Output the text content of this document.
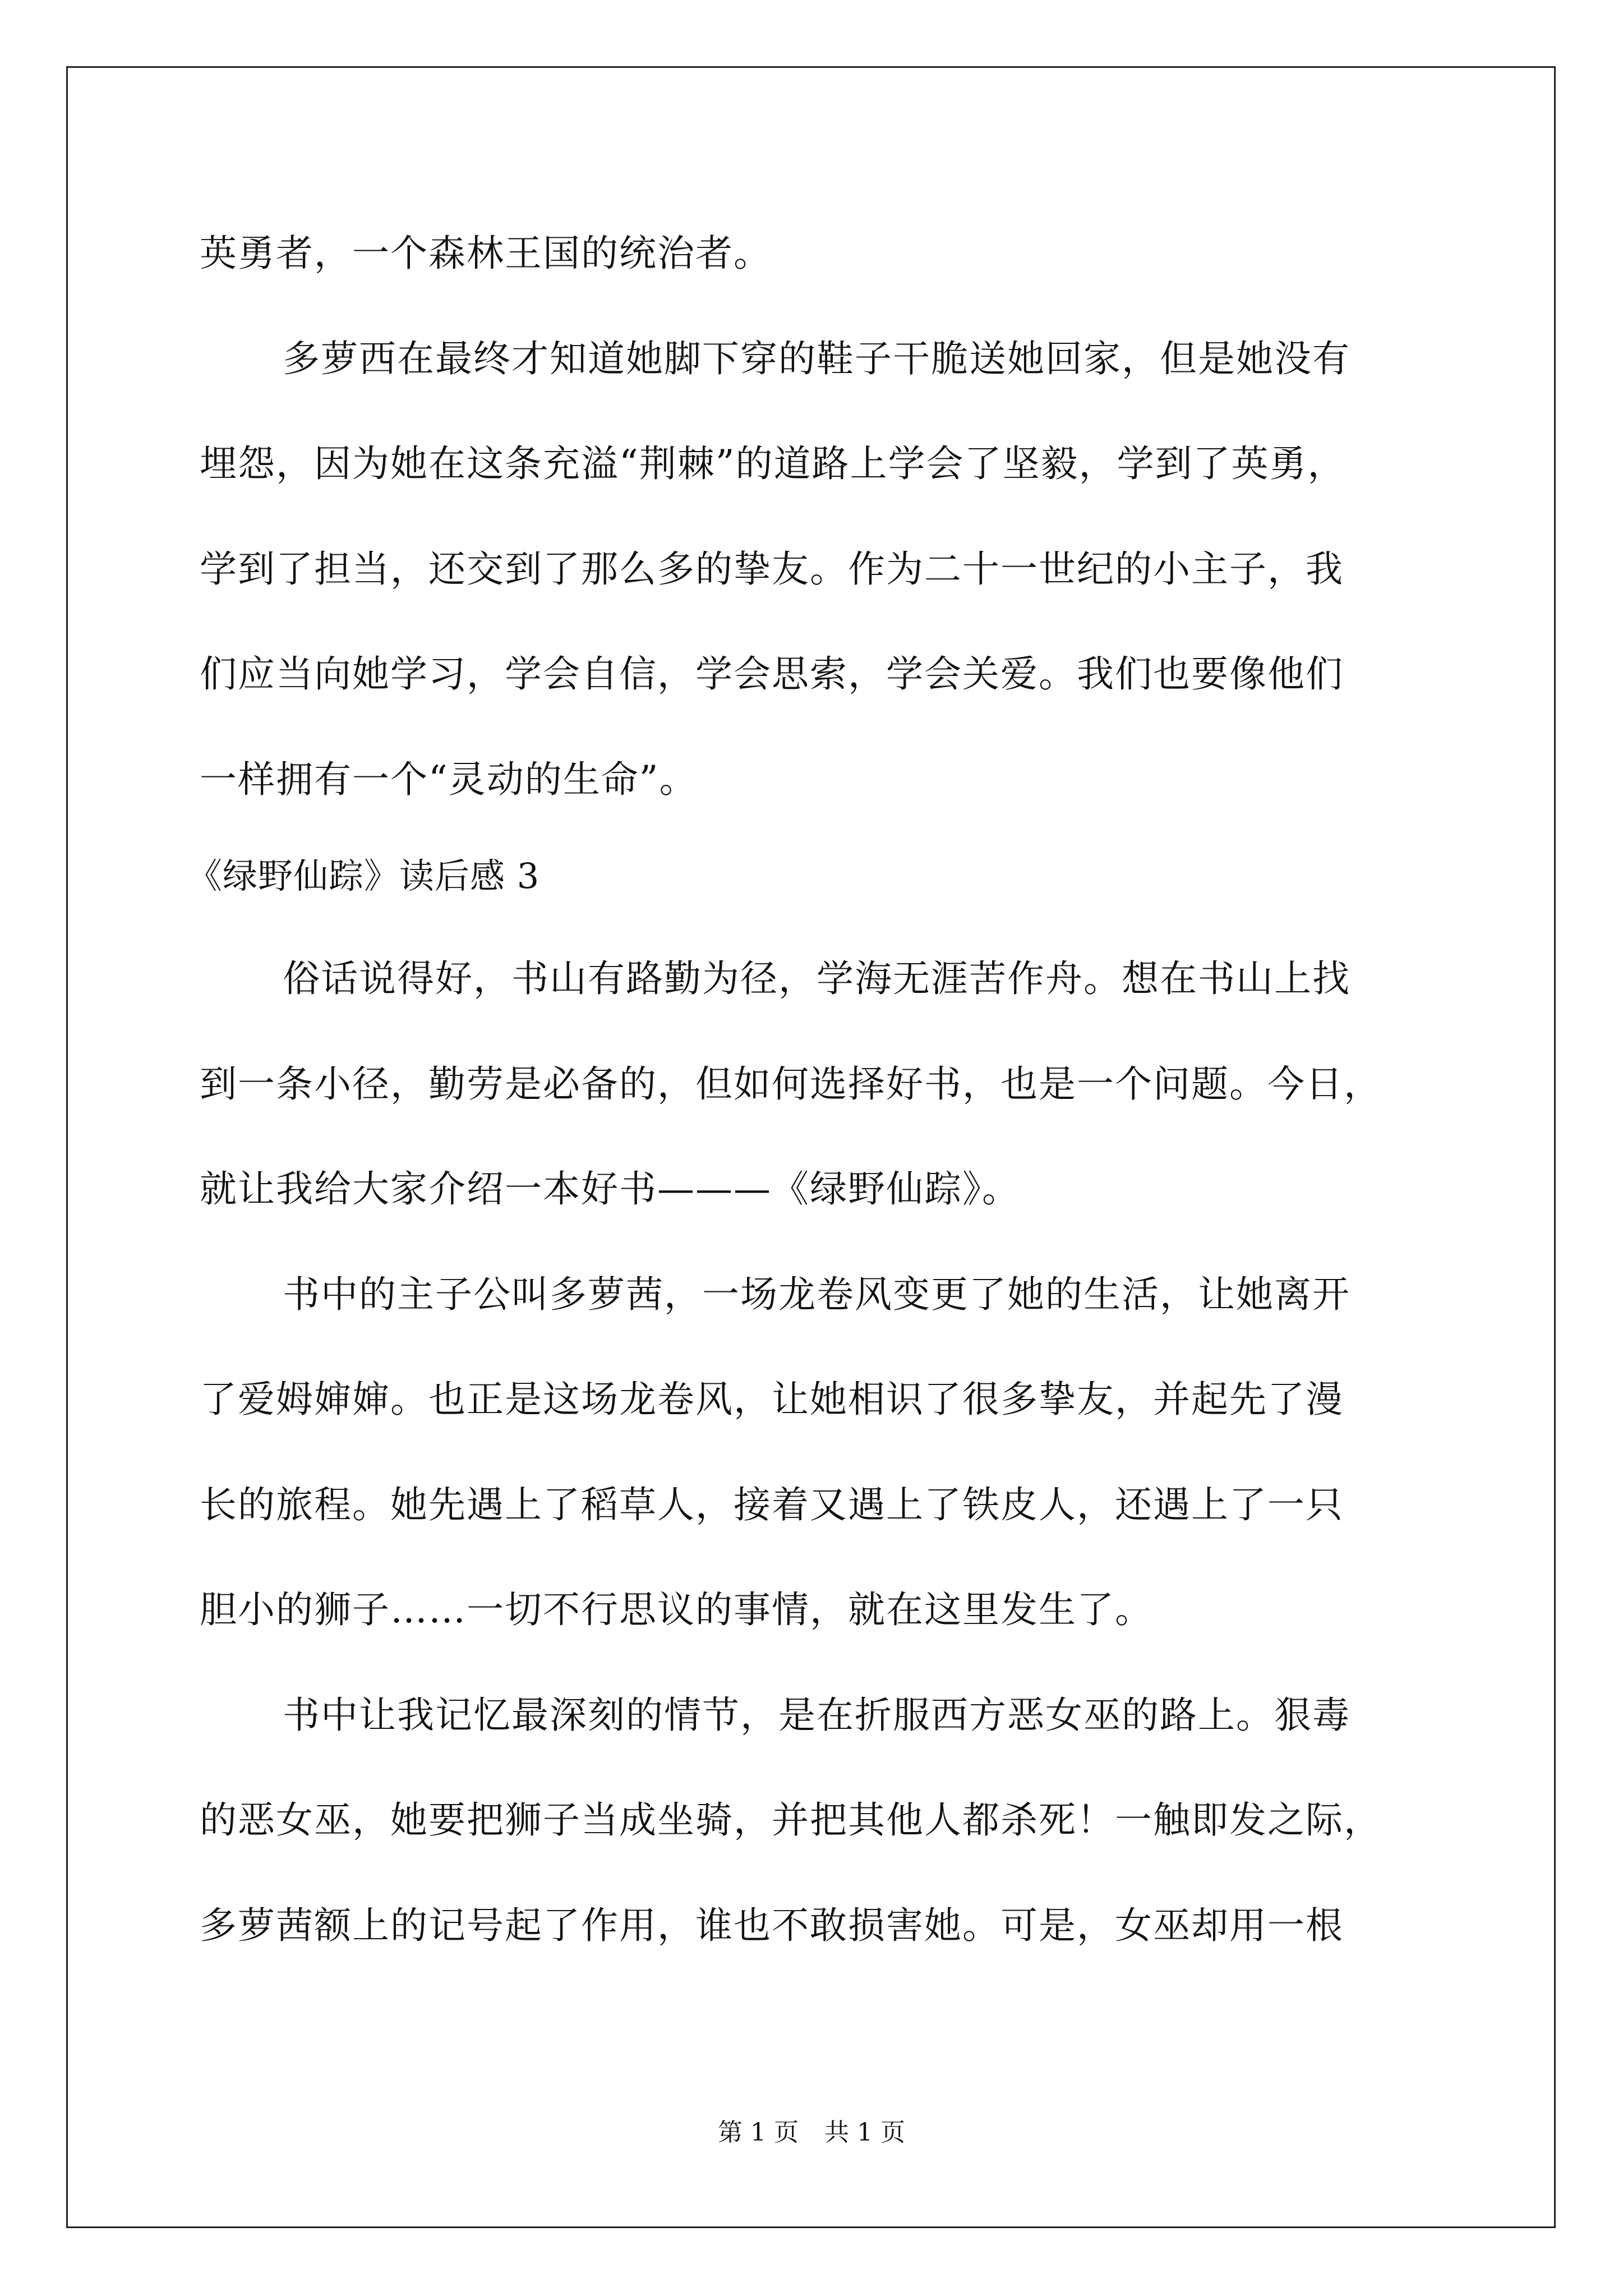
英勇者，一个森林王国的统治者。
多萝西在最终才知道她脚下穿的鞋子干脆送她回家，但是她没有
埋怨，因为她在这条充溢“荆棘”的道路上学会了坚毅，学到了英勇，
学到了担当，还交到了那么多的挚友。作为二十一世纪的小主子，我
们应当向她学习，学会自信，学会思索，学会关爱。我们也要像他们
一样拥有一个“灵动的生命”。
《绿野仙踪》读后感 3
俗话说得好，书山有路勤为径，学海无涯苦作舟。想在书山上找
到一条小径，勤劳是必备的，但如何选择好书，也是一个问题。今日，
就让我给大家介绍一本好书———《绿野仙踪》。
书中的主子公叫多萝茜，一场龙卷风变更了她的生活，让她离开
了爱姆婶婶。也正是这场龙卷风，让她相识了很多挚友，并起先了漫
长的旅程。她先遇上了稻草人，接着又遇上了铁皮人，还遇上了一只
胆小的狮子……一切不行思议的事情，就在这里发生了。
书中让我记忆最深刻的情节，是在折服西方恶女巫的路上。狠毒
的恶女巫，她要把狮子当成坐骑，并把其他人都杀死！一触即发之际，
多萝茜额上的记号起了作用，谁也不敢损害她。可是，女巫却用一根
第 1 页 共 1 页
